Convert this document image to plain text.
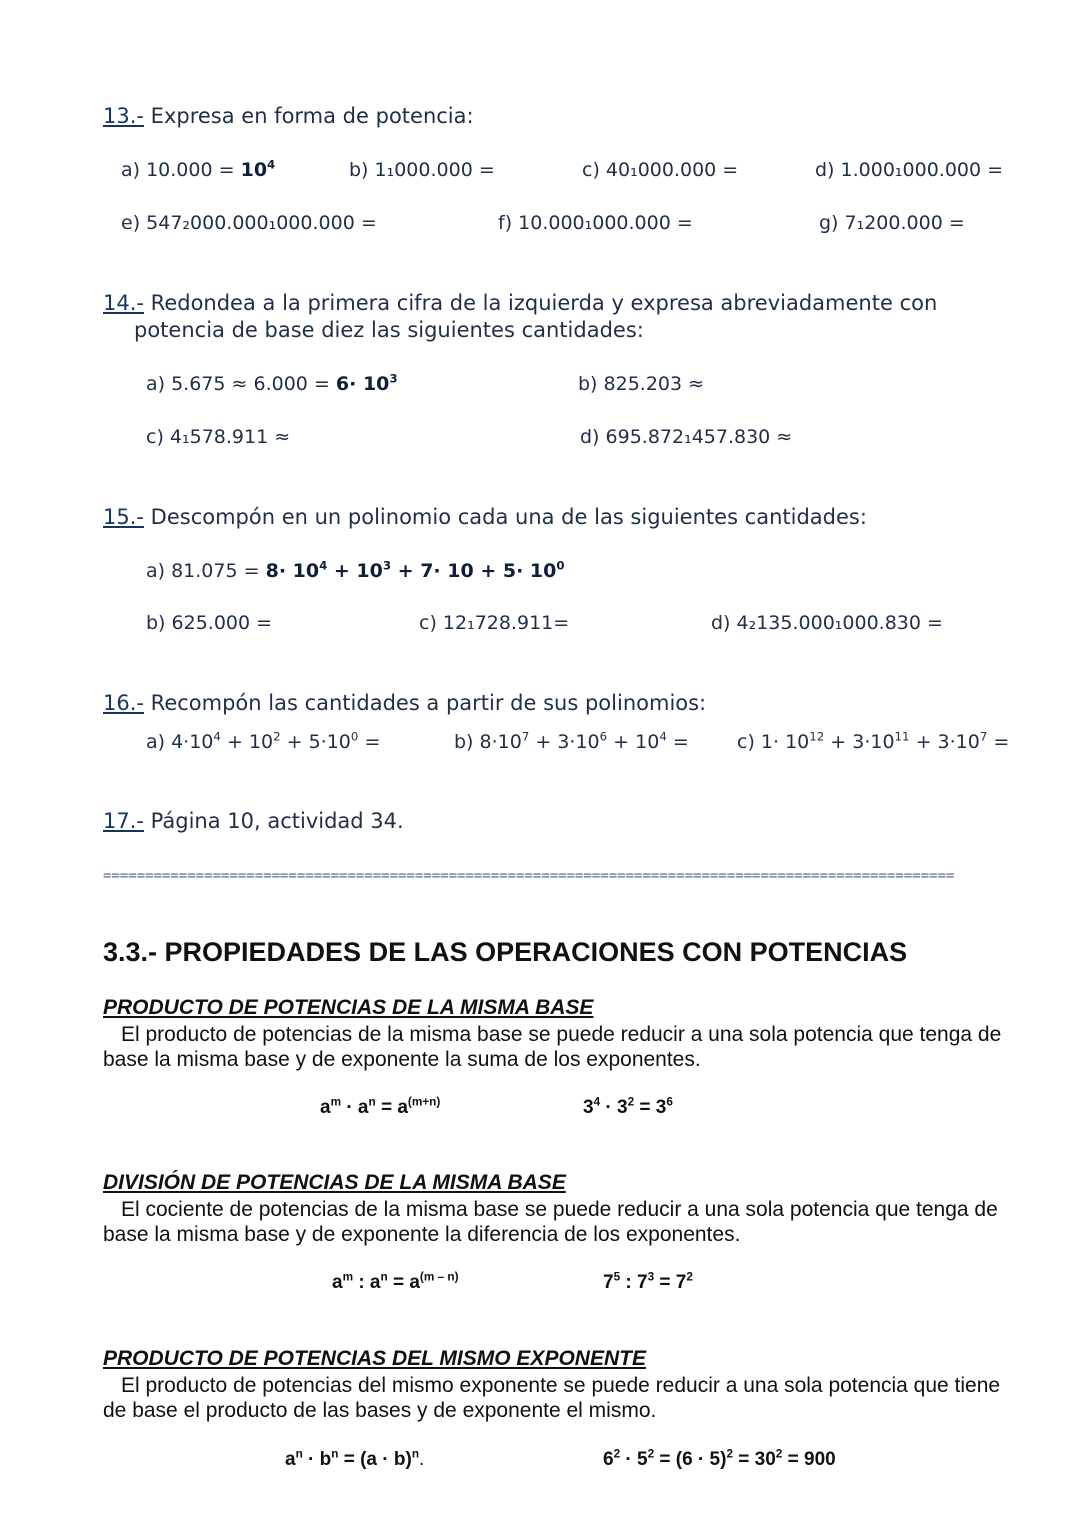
13.- Expresa en forma de potencia:
a) $10.000 = 10^4$	b) 1₁000.000 =	c) 40₁000.000 =	d) 1.000₁000.000 =
e) 547₂000.000₁000.000 =	f) 10.000₁000.000 =	g) 7₁200.000 =
14.- Redondea a la primera cifra de la izquierda y expresa abreviadamente con
potencia de base diez las siguientes cantidades:
a) $5.675 \approx 6.000 = 6\cdot 10^3$	b) 825.203 ≈
c) 4₁578.911 ≈	d) 695.872₁457.830 ≈
15.- Descompón en un polinomio cada una de las siguientes cantidades:
a) $81.075 = 8\cdot 10^4 + 10^3 + 7\cdot 10 + 5\cdot 10^0$
b) 625.000 =	c) 12₁728.911=	d) 4₂135.000₁000.830 =
16.- Recompón las cantidades a partir de sus polinomios:
a) $4\cdot 10^4 + 10^2 + 5\cdot 10^0$ =	b) $8\cdot 10^7 + 3\cdot 10^6 + 10^4$ =	c) $1\cdot 10^{12} + 3\cdot 10^{11} + 3\cdot 10^7$ =
17.- Página 10, actividad 34.
=====================================================================================================
3.3.- PROPIEDADES DE LAS OPERACIONES CON POTENCIAS
PRODUCTO DE POTENCIAS DE LA MISMA BASE
El producto de potencias de la misma base se puede reducir a una sola potencia que tenga de base la misma base y de exponente la suma de los exponentes.
$a^m \cdot a^n = a^{(m+n)}$	$3^4 \cdot 3^2 = 3^6$
DIVISIÓN DE POTENCIAS DE LA MISMA BASE
El cociente de potencias de la misma base se puede reducir a una sola potencia que tenga de base la misma base y de exponente la diferencia de los exponentes.
$a^m$ : $a^n = a^{(m - n)}$	$7^5$ : $7^3 = 7^2$
PRODUCTO DE POTENCIAS DEL MISMO EXPONENTE
El producto de potencias del mismo exponente se puede reducir a una sola potencia que tiene de base el producto de las bases y de exponente el mismo.
$a^n \cdot b^n = (a \cdot b)^n$.	$6^2 \cdot 5^2 = (6 \cdot 5)^2 = 30^2 = 900$
